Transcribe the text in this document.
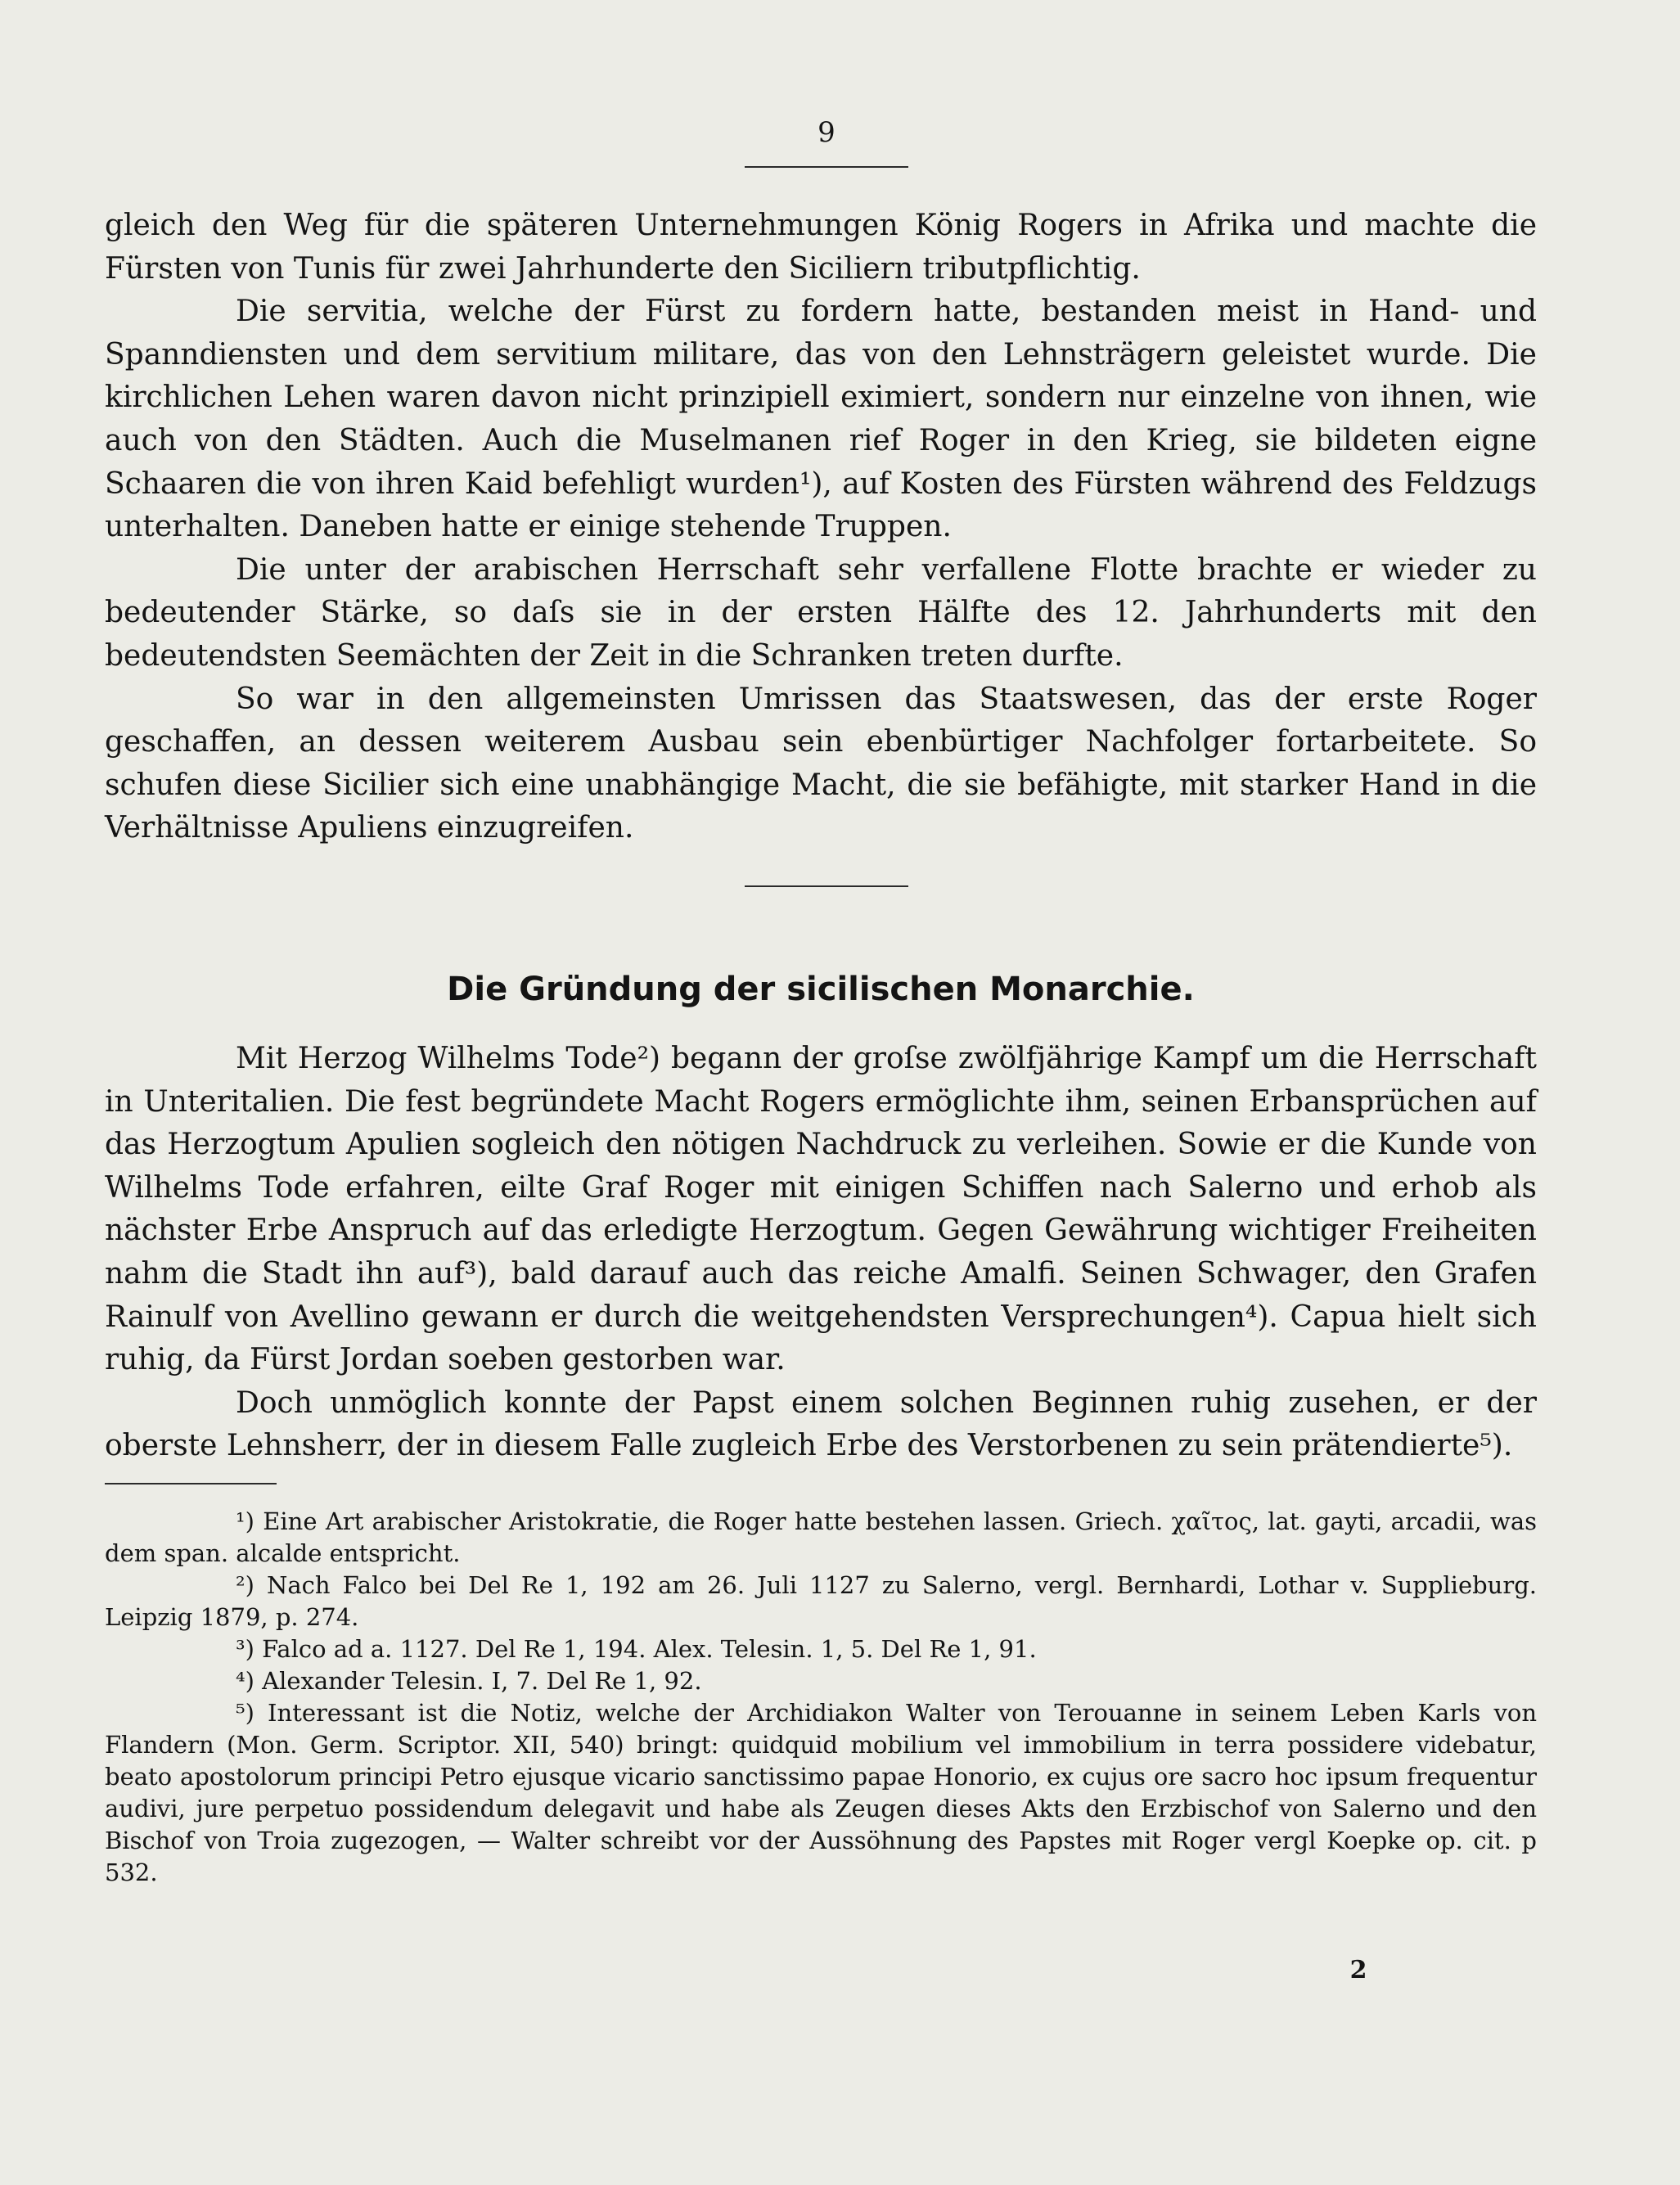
9

gleich den Weg für die späteren Unternehmungen König Rogers in Afrika und machte die Fürsten von Tunis für zwei Jahrhunderte den Siciliern tributpflichtig.

Die servitia, welche der Fürst zu fordern hatte, bestanden meist in Hand- und Spanndiensten und dem servitium militare, das von den Lehnsträgern geleistet wurde. Die kirchlichen Lehen waren davon nicht prinzipiell eximiert, sondern nur einzelne von ihnen, wie auch von den Städten. Auch die Muselmanen rief Roger in den Krieg, sie bildeten eigne Schaaren die von ihren Kaid befehligt wurden¹), auf Kosten des Fürsten während des Feldzugs unterhalten. Daneben hatte er einige stehende Truppen.

Die unter der arabischen Herrschaft sehr verfallene Flotte brachte er wieder zu bedeutender Stärke, so daſs sie in der ersten Hälfte des 12. Jahrhunderts mit den bedeutendsten Seemächten der Zeit in die Schranken treten durfte.

So war in den allgemeinsten Umrissen das Staatswesen, das der erste Roger geschaffen, an dessen weiterem Ausbau sein ebenbürtiger Nachfolger fortarbeitete. So schufen diese Sicilier sich eine unabhängige Macht, die sie befähigte, mit starker Hand in die Verhältnisse Apuliens einzugreifen.

Die Gründung der sicilischen Monarchie.

Mit Herzog Wilhelms Tode²) begann der groſse zwölfjährige Kampf um die Herrschaft in Unteritalien. Die fest begründete Macht Rogers ermöglichte ihm, seinen Erbansprüchen auf das Herzogtum Apulien sogleich den nötigen Nachdruck zu verleihen. Sowie er die Kunde von Wilhelms Tode erfahren, eilte Graf Roger mit einigen Schiffen nach Salerno und erhob als nächster Erbe Anspruch auf das erledigte Herzogtum. Gegen Gewährung wichtiger Freiheiten nahm die Stadt ihn auf³), bald darauf auch das reiche Amalfi. Seinen Schwager, den Grafen Rainulf von Avellino gewann er durch die weitgehendsten Versprechungen⁴). Capua hielt sich ruhig, da Fürst Jordan soeben gestorben war.

Doch unmöglich konnte der Papst einem solchen Beginnen ruhig zusehen, er der oberste Lehnsherr, der in diesem Falle zugleich Erbe des Verstorbenen zu sein prätendierte⁵).

¹) Eine Art arabischer Aristokratie, die Roger hatte bestehen lassen. Griech. χαῖτος, lat. gayti, arcadii, was dem span. alcalde entspricht.

²) Nach Falco bei Del Re 1, 192 am 26. Juli 1127 zu Salerno, vergl. Bernhardi, Lothar v. Supplieburg. Leipzig 1879, p. 274.

³) Falco ad a. 1127. Del Re 1, 194. Alex. Telesin. 1, 5. Del Re 1, 91.

⁴) Alexander Telesin. I, 7. Del Re 1, 92.

⁵) Interessant ist die Notiz, welche der Archidiakon Walter von Terouanne in seinem Leben Karls von Flandern (Mon. Germ. Scriptor. XII, 540) bringt: quidquid mobilium vel immobilium in terra possidere videbatur, beato apostolorum principi Petro ejusque vicario sanctissimo papae Honorio, ex cujus ore sacro hoc ipsum frequentur audivi, jure perpetuo possidendum delegavit und habe als Zeugen dieses Akts den Erzbischof von Salerno und den Bischof von Troia zugezogen, — Walter schreibt vor der Aussöhnung des Papstes mit Roger vergl Koepke op. cit. p 532.

2
